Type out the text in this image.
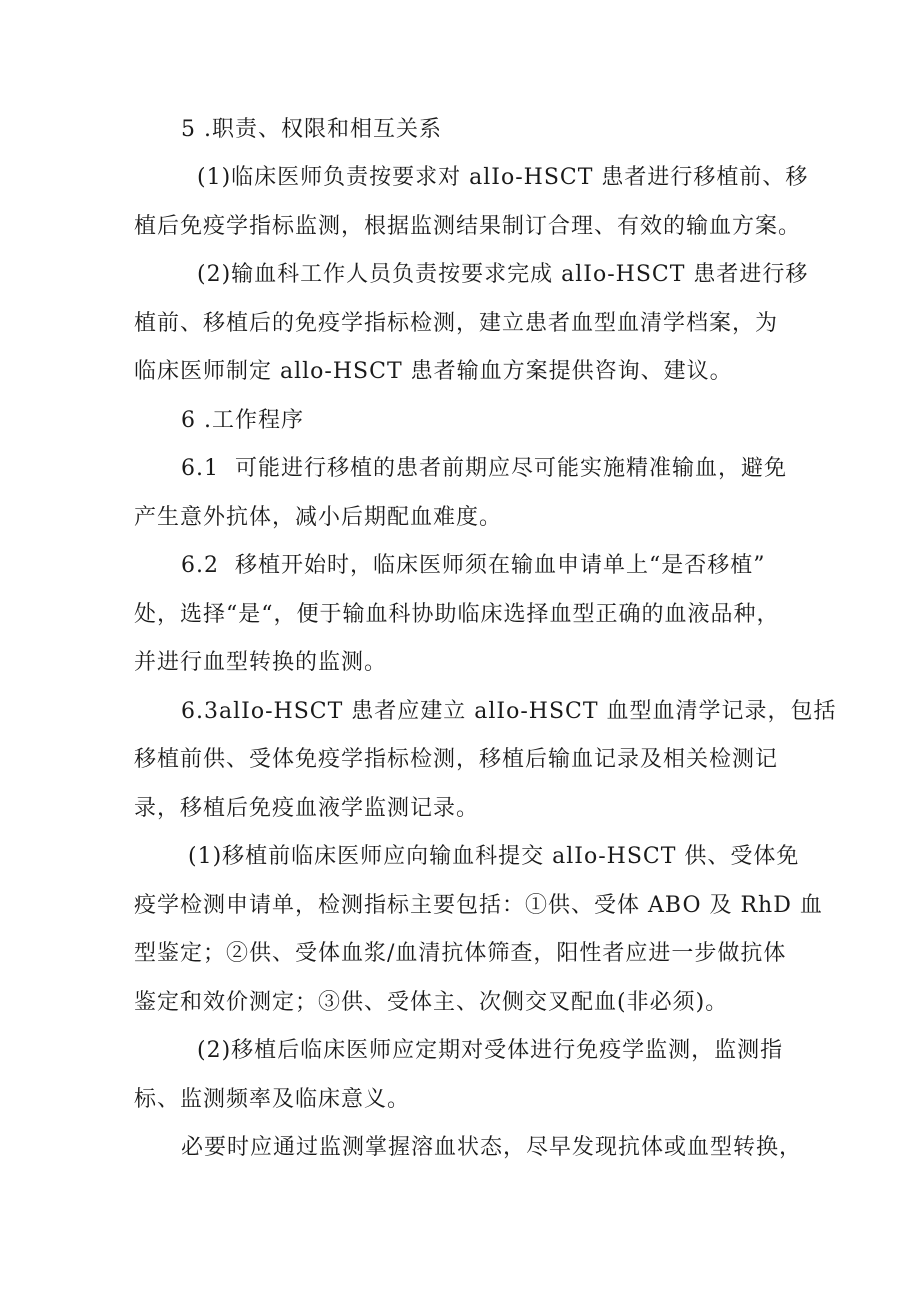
5 .职责、权限和相互关系
(1)临床医师负责按要求对 alIo-HSCT 患者进行移植前、移
植后免疫学指标监测，根据监测结果制订合理、有效的输血方案。
(2)输血科工作人员负责按要求完成 alIo-HSCT 患者进行移
植前、移植后的免疫学指标检测，建立患者血型血清学档案，为
临床医师制定 allo-HSCT 患者输血方案提供咨询、建议。
6 .工作程序
6.1  可能进行移植的患者前期应尽可能实施精准输血，避免
产生意外抗体，减小后期配血难度。
6.2  移植开始时，临床医师须在输血申请单上“是否移植”
处，选择“是“，便于输血科协助临床选择血型正确的血液品种，
并进行血型转换的监测。
6.3alIo-HSCT 患者应建立 alIo-HSCT 血型血清学记录，包括
移植前供、受体免疫学指标检测，移植后输血记录及相关检测记
录，移植后免疫血液学监测记录。
(1)移植前临床医师应向输血科提交 alIo-HSCT 供、受体免
疫学检测申请单，检测指标主要包括：①供、受体 ABO 及 RhD 血
型鉴定；②供、受体血浆/血清抗体筛查，阳性者应进一步做抗体
鉴定和效价测定；③供、受体主、次侧交叉配血(非必须)。
(2)移植后临床医师应定期对受体进行免疫学监测，监测指
标、监测频率及临床意义。
必要时应通过监测掌握溶血状态，尽早发现抗体或血型转换，
